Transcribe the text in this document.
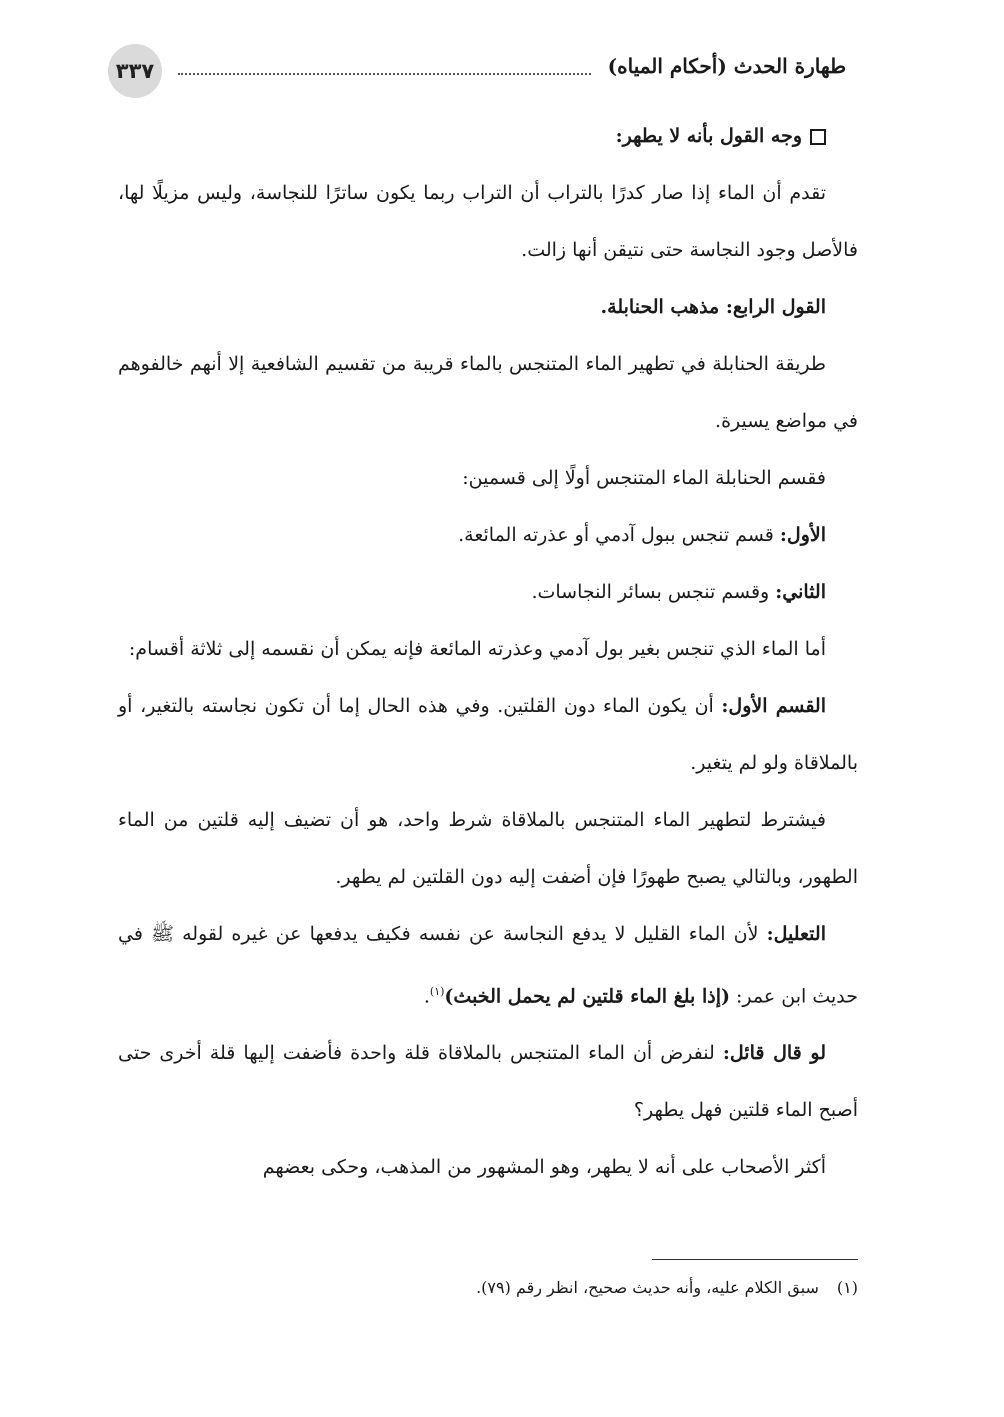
٣٣٧	طهارة الحدث (أحكام المياه)

وجه القول بأنه لا يطهر:

تقدم أن الماء إذا صار كدرًا بالتراب أن التراب ربما يكون ساترًا للنجاسة، وليس مزيلًا لها، فالأصل وجود النجاسة حتى نتيقن أنها زالت.

القول الرابع: مذهب الحنابلة.

طريقة الحنابلة في تطهير الماء المتنجس بالماء قريبة من تقسيم الشافعية إلا أنهم خالفوهم في مواضع يسيرة.

فقسم الحنابلة الماء المتنجس أولًا إلى قسمين:

الأول: قسم تنجس ببول آدمي أو عذرته المائعة.

الثاني: وقسم تنجس بسائر النجاسات.

أما الماء الذي تنجس بغير بول آدمي وعذرته المائعة فإنه يمكن أن نقسمه إلى ثلاثة أقسام:

القسم الأول: أن يكون الماء دون القلتين. وفي هذه الحال إما أن تكون نجاسته بالتغير، أو بالملاقاة ولو لم يتغير.

فيشترط لتطهير الماء المتنجس بالملاقاة شرط واحد، هو أن تضيف إليه قلتين من الماء الطهور، وبالتالي يصبح طهورًا فإن أضفت إليه دون القلتين لم يطهر.

التعليل: لأن الماء القليل لا يدفع النجاسة عن نفسه فكيف يدفعها عن غيره لقوله ﷺ في حديث ابن عمر: (إذا بلغ الماء قلتين لم يحمل الخبث)$^{(١)}$.

لو قال قائل: لنفرض أن الماء المتنجس بالملاقاة قلة واحدة فأضفت إليها قلة أخرى حتى أصبح الماء قلتين فهل يطهر؟

أكثر الأصحاب على أنه لا يطهر، وهو المشهور من المذهب، وحكى بعضهم

(١)سبق الكلام عليه، وأنه حديث صحيح، انظر رقم (٧٩).
